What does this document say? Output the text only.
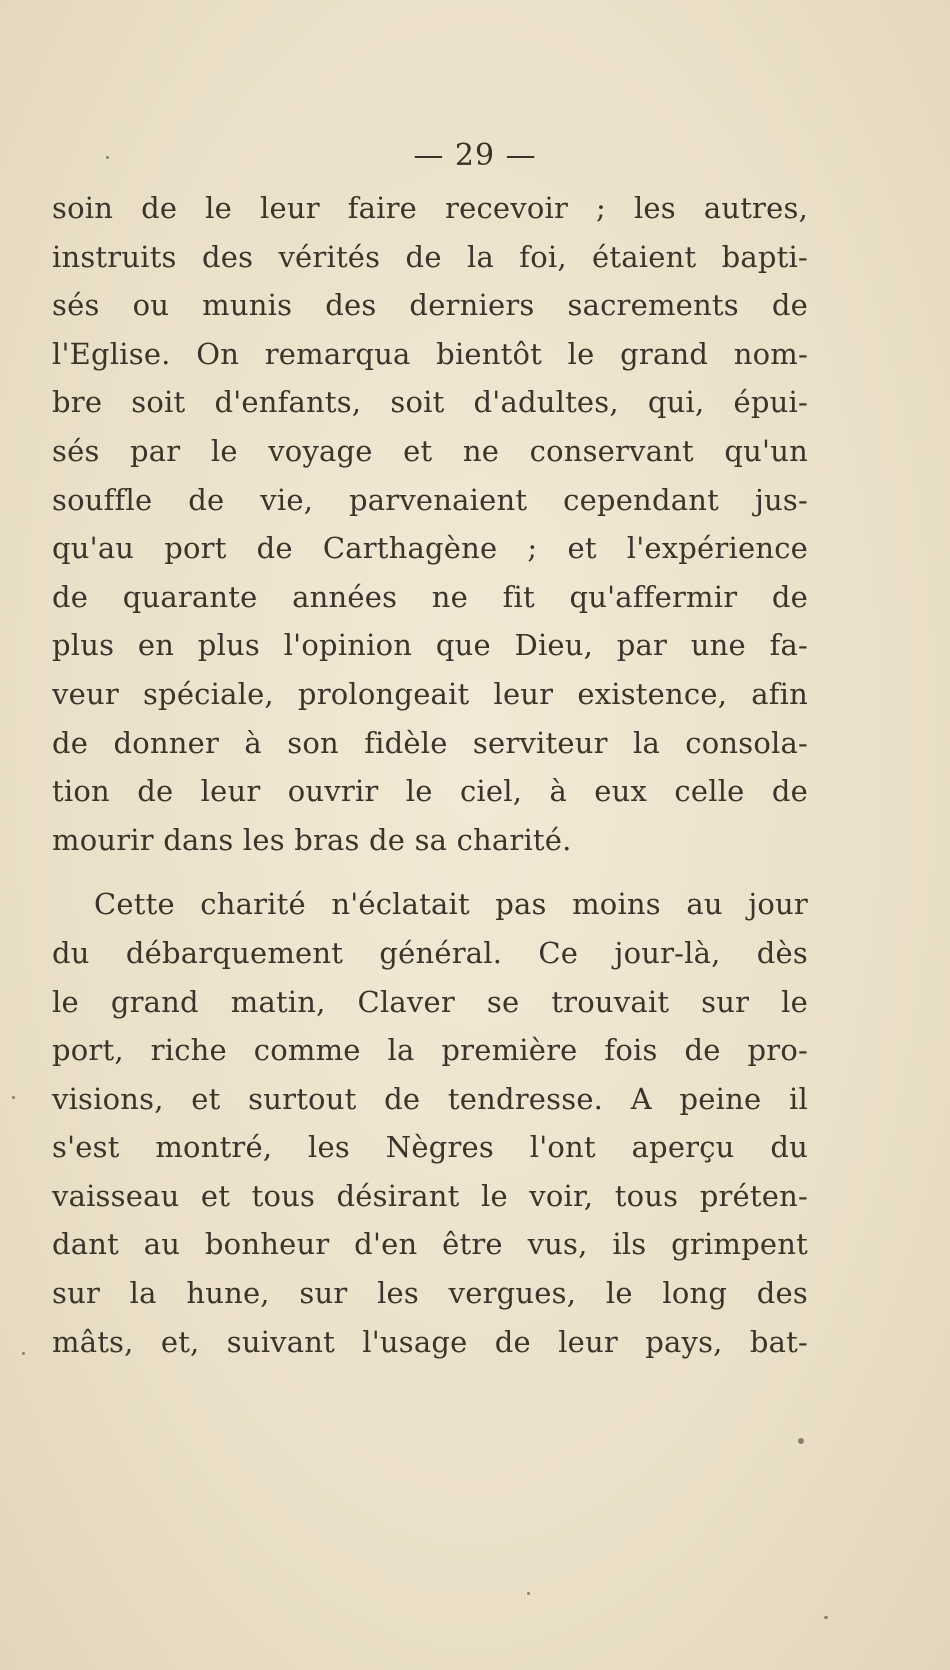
— 29 —
soin de le leur faire recevoir ; les autres,
instruits des vérités de la foi, étaient bapti-
sés ou munis des derniers sacrements de
l'Eglise. On remarqua bientôt le grand nom-
bre soit d'enfants, soit d'adultes, qui, épui-
sés par le voyage et ne conservant qu'un
souffle de vie, parvenaient cependant jus-
qu'au port de Carthagène ; et l'expérience
de quarante années ne fit qu'affermir de
plus en plus l'opinion que Dieu, par une fa-
veur spéciale, prolongeait leur existence, afin
de donner à son fidèle serviteur la consola-
tion de leur ouvrir le ciel, à eux celle de
mourir dans les bras de sa charité.
Cette charité n'éclatait pas moins au jour
du débarquement général. Ce jour-là, dès
le grand matin, Claver se trouvait sur le
port, riche comme la première fois de pro-
visions, et surtout de tendresse. A peine il
s'est montré, les Nègres l'ont aperçu du
vaisseau et tous désirant le voir, tous préten-
dant au bonheur d'en être vus, ils grimpent
sur la hune, sur les vergues, le long des
mâts, et, suivant l'usage de leur pays, bat-
